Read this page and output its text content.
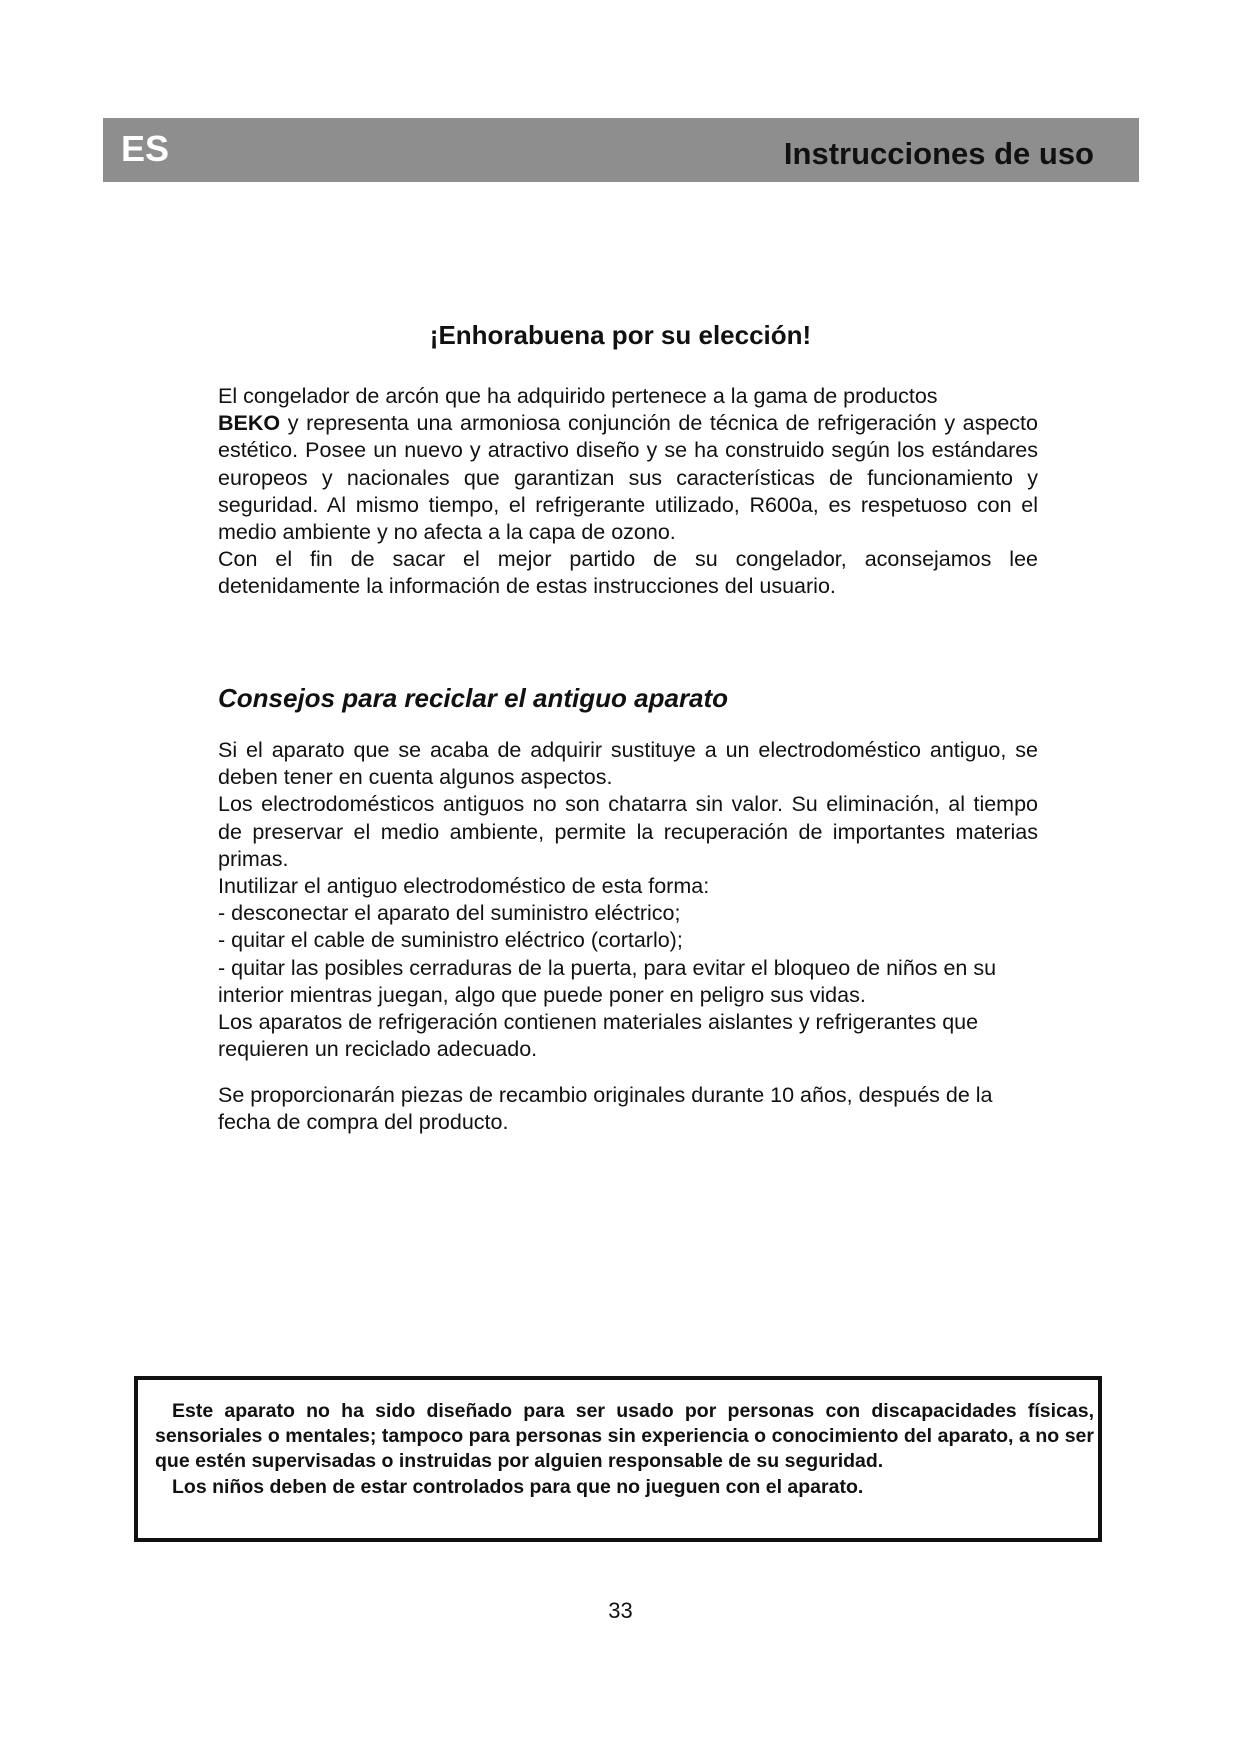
ES	Instrucciones de uso
¡Enhorabuena por su elección!

El congelador de arcón que ha adquirido pertenece a la gama de productos
BEKO y representa una armoniosa conjunción de técnica de refrigeración y aspecto estético. Posee un nuevo y atractivo diseño y se ha construido según los estándares europeos y nacionales que garantizan sus características de funcionamiento y seguridad. Al mismo tiempo, el refrigerante utilizado, R600a, es respetuoso con el medio ambiente y no afecta a la capa de ozono.

Con el fin de sacar el mejor partido de su congelador, aconsejamos lee detenidamente la información de estas instrucciones del usuario.

Consejos para reciclar el antiguo aparato

Si el aparato que se acaba de adquirir sustituye a un electrodoméstico antiguo, se deben tener en cuenta algunos aspectos.

Los electrodomésticos antiguos no son chatarra sin valor. Su eliminación, al tiempo de preservar el medio ambiente, permite la recuperación de importantes materias primas.

Inutilizar el antiguo electrodoméstico de esta forma:
- desconectar el aparato del suministro eléctrico;
- quitar el cable de suministro eléctrico (cortarlo);
- quitar las posibles cerraduras de la puerta, para evitar el bloqueo de niños en su interior mientras juegan, algo que puede poner en peligro sus vidas.
Los aparatos de refrigeración contienen materiales aislantes y refrigerantes que requieren un reciclado adecuado.
Se proporcionarán piezas de recambio originales durante 10 años, después de la fecha de compra del producto.

Este aparato no ha sido diseñado para ser usado por personas con discapacidades físicas, sensoriales o mentales; tampoco para personas sin experiencia o conocimiento del aparato, a no ser que estén supervisadas o instruidas por alguien responsable de su seguridad.

Los niños deben de estar controlados para que no jueguen con el aparato.

33
